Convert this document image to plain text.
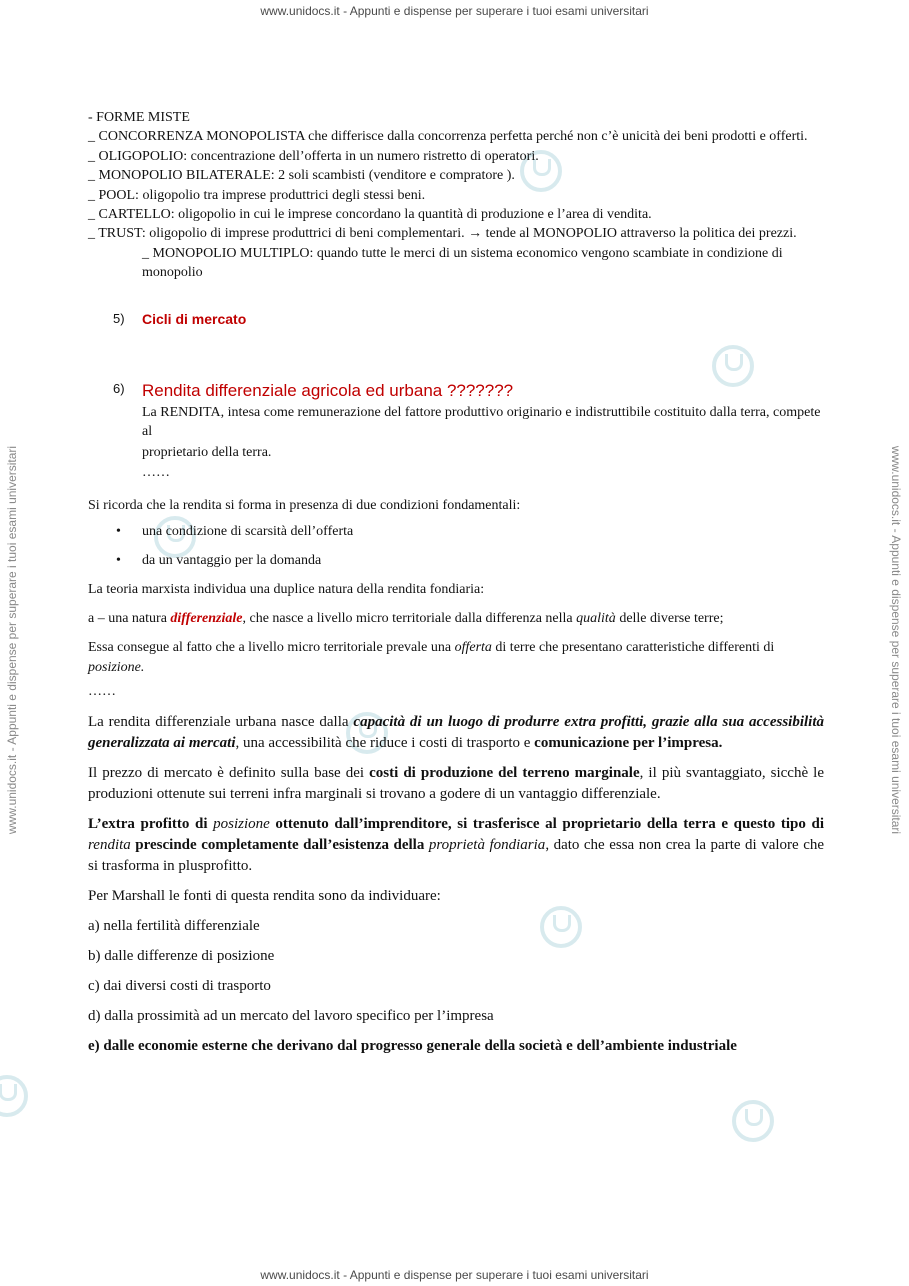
www.unidocs.it - Appunti e dispense per superare i tuoi esami universitari
www.unidocs.it - Appunti e dispense per superare i tuoi esami universitari
www.unidocs.it - Appunti e dispense per superare i tuoi esami universitari	www.unidocs.it - Appunti e dispense per superare i tuoi esami universitari

- FORME MISTE

_ CONCORRENZA MONOPOLISTA che differisce dalla concorrenza perfetta perché non c’è unicità dei beni prodotti e offerti.

_ OLIGOPOLIO: concentrazione dell’offerta in un numero ristretto di operatori.

_ MONOPOLIO BILATERALE: 2 soli scambisti (venditore e compratore ).

_ POOL: oligopolio tra imprese produttrici degli stessi beni.

_ CARTELLO: oligopolio in cui le imprese concordano la quantità di produzione e l’area di vendita.

_ TRUST: oligopolio di imprese produttrici di beni complementari. → tende al MONOPOLIO attraverso la politica dei prezzi.

_ MONOPOLIO MULTIPLO: quando tutte le merci di un sistema economico vengono scambiate in condizione di monopolio

5) Cicli di mercato
6) Rendita differenziale agricola ed urbana ???????

La RENDITA, intesa come remunerazione del fattore produttivo originario e indistruttibile costituito dalla terra, compete al

proprietario della terra.

……

Si ricorda che la rendita si forma in presenza di due condizioni fondamentali:

• una condizione di scarsità dell’offerta
• da un vantaggio per la domanda

La teoria marxista individua una duplice natura della rendita fondiaria:

a – una natura differenziale, che nasce a livello micro territoriale dalla differenza nella qualità delle diverse terre;

Essa consegue al fatto che a livello micro territoriale prevale una offerta di terre che presentano caratteristiche differenti di posizione.

……

La rendita differenziale urbana nasce dalla capacità di un luogo di produrre extra profitti, grazie alla sua accessibilità generalizzata ai mercati, una accessibilità che riduce i costi di trasporto e comunicazione per l’impresa.

Il prezzo di mercato è definito sulla base dei costi di produzione del terreno marginale, il più svantaggiato, sicchè le produzioni ottenute sui terreni infra marginali si trovano a godere di un vantaggio differenziale.

L’extra profitto di posizione ottenuto dall’imprenditore, si trasferisce al proprietario della terra e questo tipo di rendita prescinde completamente dall’esistenza della proprietà fondiaria, dato che essa non crea la parte di valore che si trasforma in plusprofitto.

Per Marshall le fonti di questa rendita sono da individuare:

a) nella fertilità differenziale

b) dalle differenze di posizione

c) dai diversi costi di trasporto

d) dalla prossimità ad un mercato del lavoro specifico per l’impresa

e) dalle economie esterne che derivano dal progresso generale della società e dell’ambiente industriale
